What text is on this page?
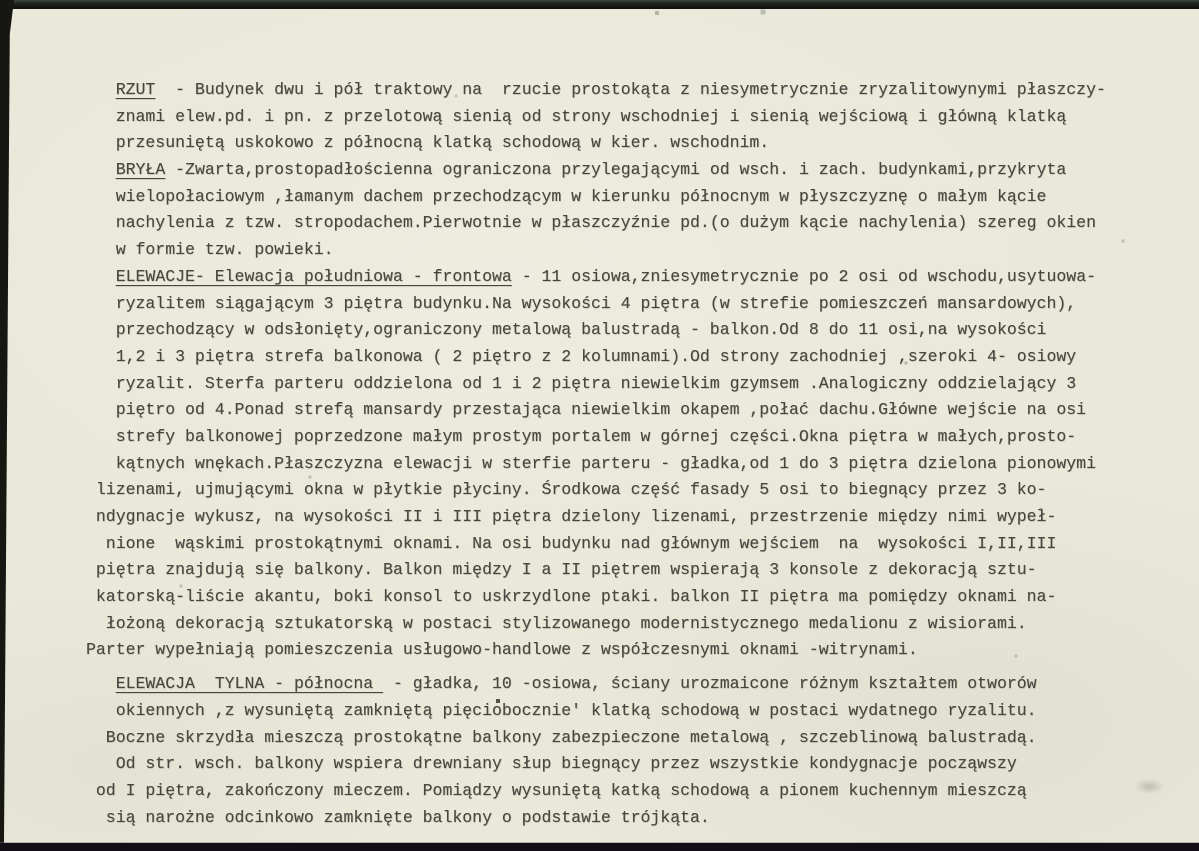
RZUT  - Budynek dwu i pół traktowy na  rzucie prostokąta z niesymetrycznie zryzalitowynymi płaszczy-
znami elew.pd. i pn. z przelotową sienią od strony wschodniej i sienią wejściową i główną klatką
przesuniętą uskokowo z północną klatką schodową w kier. wschodnim.
BRYŁA -Zwarta,prostopadłościenna ograniczona przylegającymi od wsch. i zach. budynkami,przykryta
wielopołaciowym ,łamanym dachem przechodzącym w kierunku północnym w płyszczyznę o małym kącie
nachylenia z tzw. stropodachem.Pierwotnie w płaszczyźnie pd.(o dużym kącie nachylenia) szereg okien
w formie tzw. powieki.
ELEWACJE- Elewacja południowa - frontowa - 11 osiowa,zniesymetrycznie po 2 osi od wschodu,usytuowa-
ryzalitem siągającym 3 piętra budynku.Na wysokości 4 piętra (w strefie pomieszczeń mansardowych),
przechodzący w odsłonięty,ograniczony metalową balustradą - balkon.Od 8 do 11 osi,na wysokości
1,2 i 3 piętra strefa balkonowa ( 2 piętro z 2 kolumnami).Od strony zachodniej ,szeroki 4- osiowy
ryzalit. Sterfa parteru oddzielona od 1 i 2 piętra niewielkim gzymsem .Analogiczny oddzielający 3
piętro od 4.Ponad strefą mansardy przestająca niewielkim okapem ,połać dachu.Główne wejście na osi
strefy balkonowej poprzedzone małym prostym portalem w górnej części.Okna piętra w małych,prosto-
kątnych wnękach.Płaszczyzna elewacji w sterfie parteru - gładka,od 1 do 3 piętra dzielona pionowymi
lizenami, ujmującymi okna w płytkie płyciny. Środkowa część fasady 5 osi to biegnący przez 3 ko-
ndygnacje wykusz, na wysokości II i III piętra dzielony lizenami, przestrzenie między nimi wypeł-
nione  wąskimi prostokątnymi oknami. Na osi budynku nad głównym wejściem  na  wysokości I,II,III
piętra znajdują się balkony. Balkon między I a II piętrem wspierają 3 konsole z dekoracją sztu-
katorską-liście akantu, boki konsol to uskrzydlone ptaki. balkon II piętra ma pomiędzy oknami na-
łożoną dekoracją sztukatorską w postaci stylizowanego modernistycznego medalionu z wisiorami.
Parter wypełniają pomieszczenia usługowo-handlowe z współczesnymi oknami -witrynami.
ELEWACJA  TYLNA - północna  - gładka, 10 -osiowa, ściany urozmaicone różnym kształtem otworów
okiennych ,z wysuniętą zamkniętą pięciobocznie' klatką schodową w postaci wydatnego ryzalitu.
Boczne skrzydła mieszczą prostokątne balkony zabezpieczone metalową , szczeblinową balustradą.
Od str. wsch. balkony wspiera drewniany słup biegnący przez wszystkie kondygnacje począwszy
od I piętra, zakończony mieczem. Pomiądzy wysuniętą katką schodową a pionem kuchennym mieszczą
sią narożne odcinkowo zamknięte balkony o podstawie trójkąta.
